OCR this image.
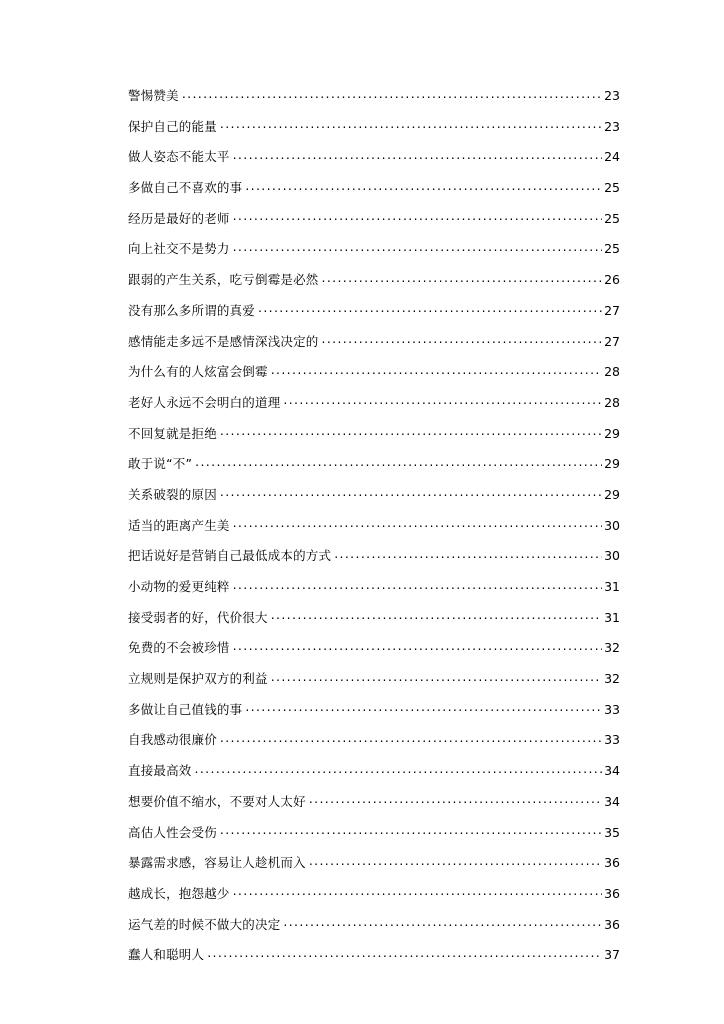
警惕赞美 .....	23
保护自己的能量 .....	23
做人姿态不能太平 .....	24
多做自己不喜欢的事 .....	25
经历是最好的老师 .....	25
向上社交不是势力 .....	25
跟弱的产生关系，吃亏倒霉是必然 .....	26
没有那么多所谓的真爱 .....	27
感情能走多远不是感情深浅决定的 .....	27
为什么有的人炫富会倒霉 .....	28
老好人永远不会明白的道理 .....	28
不回复就是拒绝 .....	29
敢于说“不” .....	29
关系破裂的原因 .....	29
适当的距离产生美 .....	30
把话说好是营销自己最低成本的方式 .....	30
小动物的爱更纯粹 .....	31
接受弱者的好，代价很大 .....	31
免费的不会被珍惜 .....	32
立规则是保护双方的利益 .....	32
多做让自己值钱的事 .....	33
自我感动很廉价 .....	33
直接最高效 .....	34
想要价值不缩水，不要对人太好 .....	34
高估人性会受伤 .....	35
暴露需求感，容易让人趁机而入 .....	36
越成长，抱怨越少 .....	36
运气差的时候不做大的决定 .....	36
蠢人和聪明人 .....	37
